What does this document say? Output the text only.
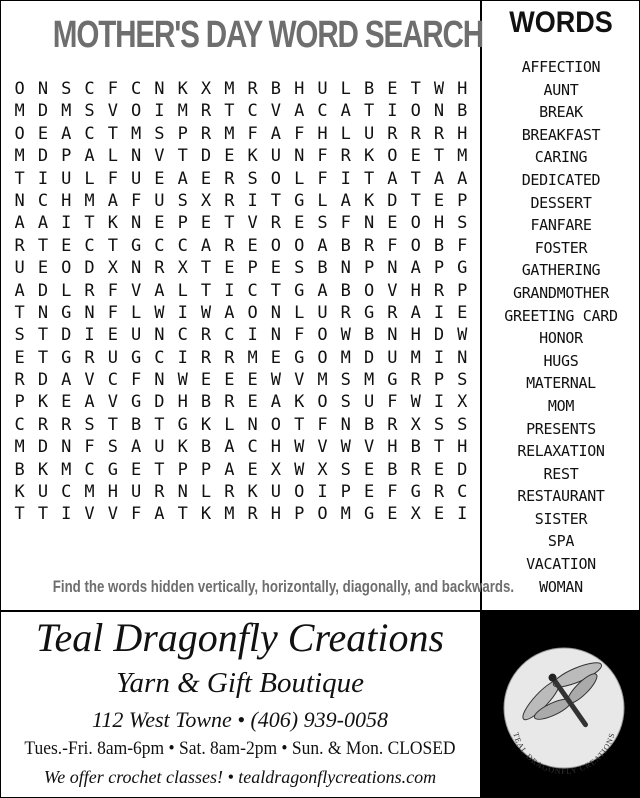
MOTHER'S DAY WORD SEARCH
O N S C F C N K X M R B H U L B E T W H
M D M S V O I M R T C V A C A T I O N B
O E A C T M S P R M F A F H L U R R R H
M D P A L N V T D E K U N F R K O E T M
T I U L F U E A E R S O L F I T A T A A
N C H M A F U S X R I T G L A K D T E P
A A I T K N E P E T V R E S F N E O H S
R T E C T G C C A R E O O A B R F O B F
U E O D X N R X T E P E S B N P N A P G
A D L R F V A L T I C T G A B O V H R P
T N G N F L W I W A O N L U R G R A I E
S T D I E U N C R C I N F O W B N H D W
E T G R U G C I R R M E G O M D U M I N
R D A V C F N W E E E W V M S M G R P S
P K E A V G D H B R E A K O S U F W I X
C R R S T B T G K L N O T F N B R X S S
M D N F S A U K B A C H W V W V H B T H
B K M C G E T P P A E X W X S E B R E D
K U C M H U R N L R K U O I P E F G R C
T T I V V F A T K M R H P O M G E X E I
Find the words hidden vertically, horizontally, diagonally, and backwards.
WORDS
AFFECTION
AUNT
BREAK
BREAKFAST
CARING
DEDICATED
DESSERT
FANFARE
FOSTER
GATHERING
GRANDMOTHER
GREETING CARD
HONOR
HUGS
MATERNAL
MOM
PRESENTS
RELAXATION
REST
RESTAURANT
SISTER
SPA
VACATION
WOMAN
Teal Dragonfly Creations
Yarn & Gift Boutique
112 West Towne • (406) 939-0058
Tues.-Fri. 8am-6pm • Sat. 8am-2pm • Sun. & Mon. CLOSED
We offer crochet classes! • tealdragonflycreations.com
TEAL DRAGONFLY CREATIONS
